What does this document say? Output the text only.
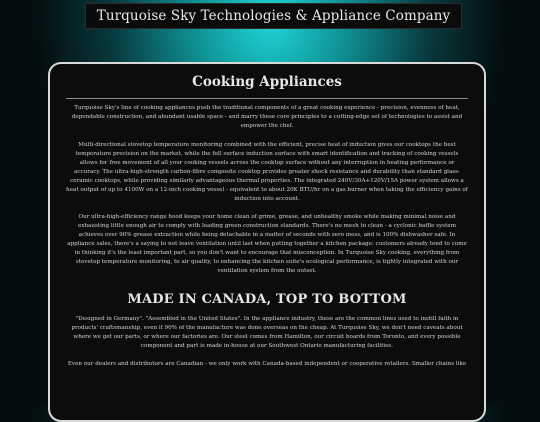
Turquoise Sky Technologies & Appliance Company
Cooking Appliances

Turquoise Sky's line of cooking appliances push the traditional components of a great cooking experience - precision, evenness of heat, dependable construction, and abundant usable space - and marry these core principles to a cutting-edge set of technologies to assist and empower the chef.

Multi-directional stovetop temperature monitoring combined with the efficient, precise heat of induction gives our cooktops the best temperature precision on the market, while the full surface induction surface with smart identification and tracking of cooking vessels allows for free movement of all your cooking vessels across the cooktop surface without any interruption in heating performance or accuracy. The ultra-high-strength carbon-fibre composite cooktop provides greater shock resistance and durability than standard glass-ceramic cooktops, while providing similarly advantageous thermal properties. The integrated 240V/30A+120V/15A power system allows a heat output of up to 4100W on a 12-inch cooking vessel - equivalent to about 20K BTU/hr on a gas burner when taking the efficiency gains of induction into account.

Our ultra-high-efficiency range hood keeps your home clean of grime, grease, and unhealthy smoke while making minimal noise and exhausting little enough air to comply with leading green construction standards. There's no mesh to clean - a cyclonic baffle system achieves over 90% grease extraction while being detachable in a matter of seconds with zero mess, and is 100% dishwasher safe. In appliance sales, there's a saying to not leave ventilation until last when putting together a kitchen package: customers already tend to come in thinking it's the least important part, so you don't want to encourage that misconception. In Turquoise Sky cooking, everything from stovetop temperature monitoring, to air quality, to enhancing the kitchen suite's ecological performance, is tightly integrated with our ventilation system from the outset.

MADE IN CANADA, TOP TO BOTTOM

"Designed in Germany". "Assembled in the United States". In the appliance industry, these are the common lines used to instill faith in products' craftsmanship, even if 90% of the manufacture was done overseas on the cheap. At Turquoise Sky, we don't need caveats about where we get our parts, or where our factories are. Our steel comes from Hamilton, our circuit boards from Toronto, and every possible component and part is made in-house at our Southwest Ontario manufacturing facilities.

Even our dealers and distributors are Canadian - we only work with Canada-based independent or cooperative retailers. Smaller chains like
